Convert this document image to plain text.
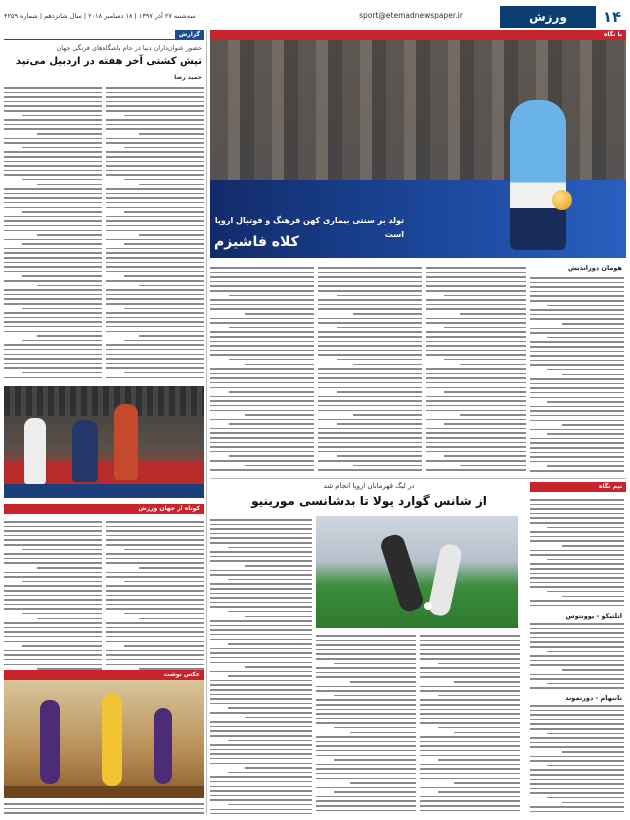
۱۴
ورزش
sport@etemadnewspaper.ir
سه‌شنبه ۲۷ آذر ۱۳۹۷ | ۱۸ دسامبر ۲۰۱۸ | سال شانزدهم | شماره ۴۲۵۹
گزارش
حضور عنوان‌داران دنیا در جام باشگاه‌های فرنگی جهان
تپش کشتی آخر هفته در اردبیل می‌تپد
حمید رضا
کوتاه از جهان ورزش
عکس نوشت
با نگاه
تولد بر سنتی بیماری کهن فرهنگ و فوتبال اروپا است
کلاه فاشیزم
هومان دوراندیش
نیم نگاه
در لیگ قهرمانان اروپا انجام شد
از شانس گوارد یولا تا بدشانسی مورینیو
اتلتیکو - یوونتوس
تاتنهام - دورتموند
